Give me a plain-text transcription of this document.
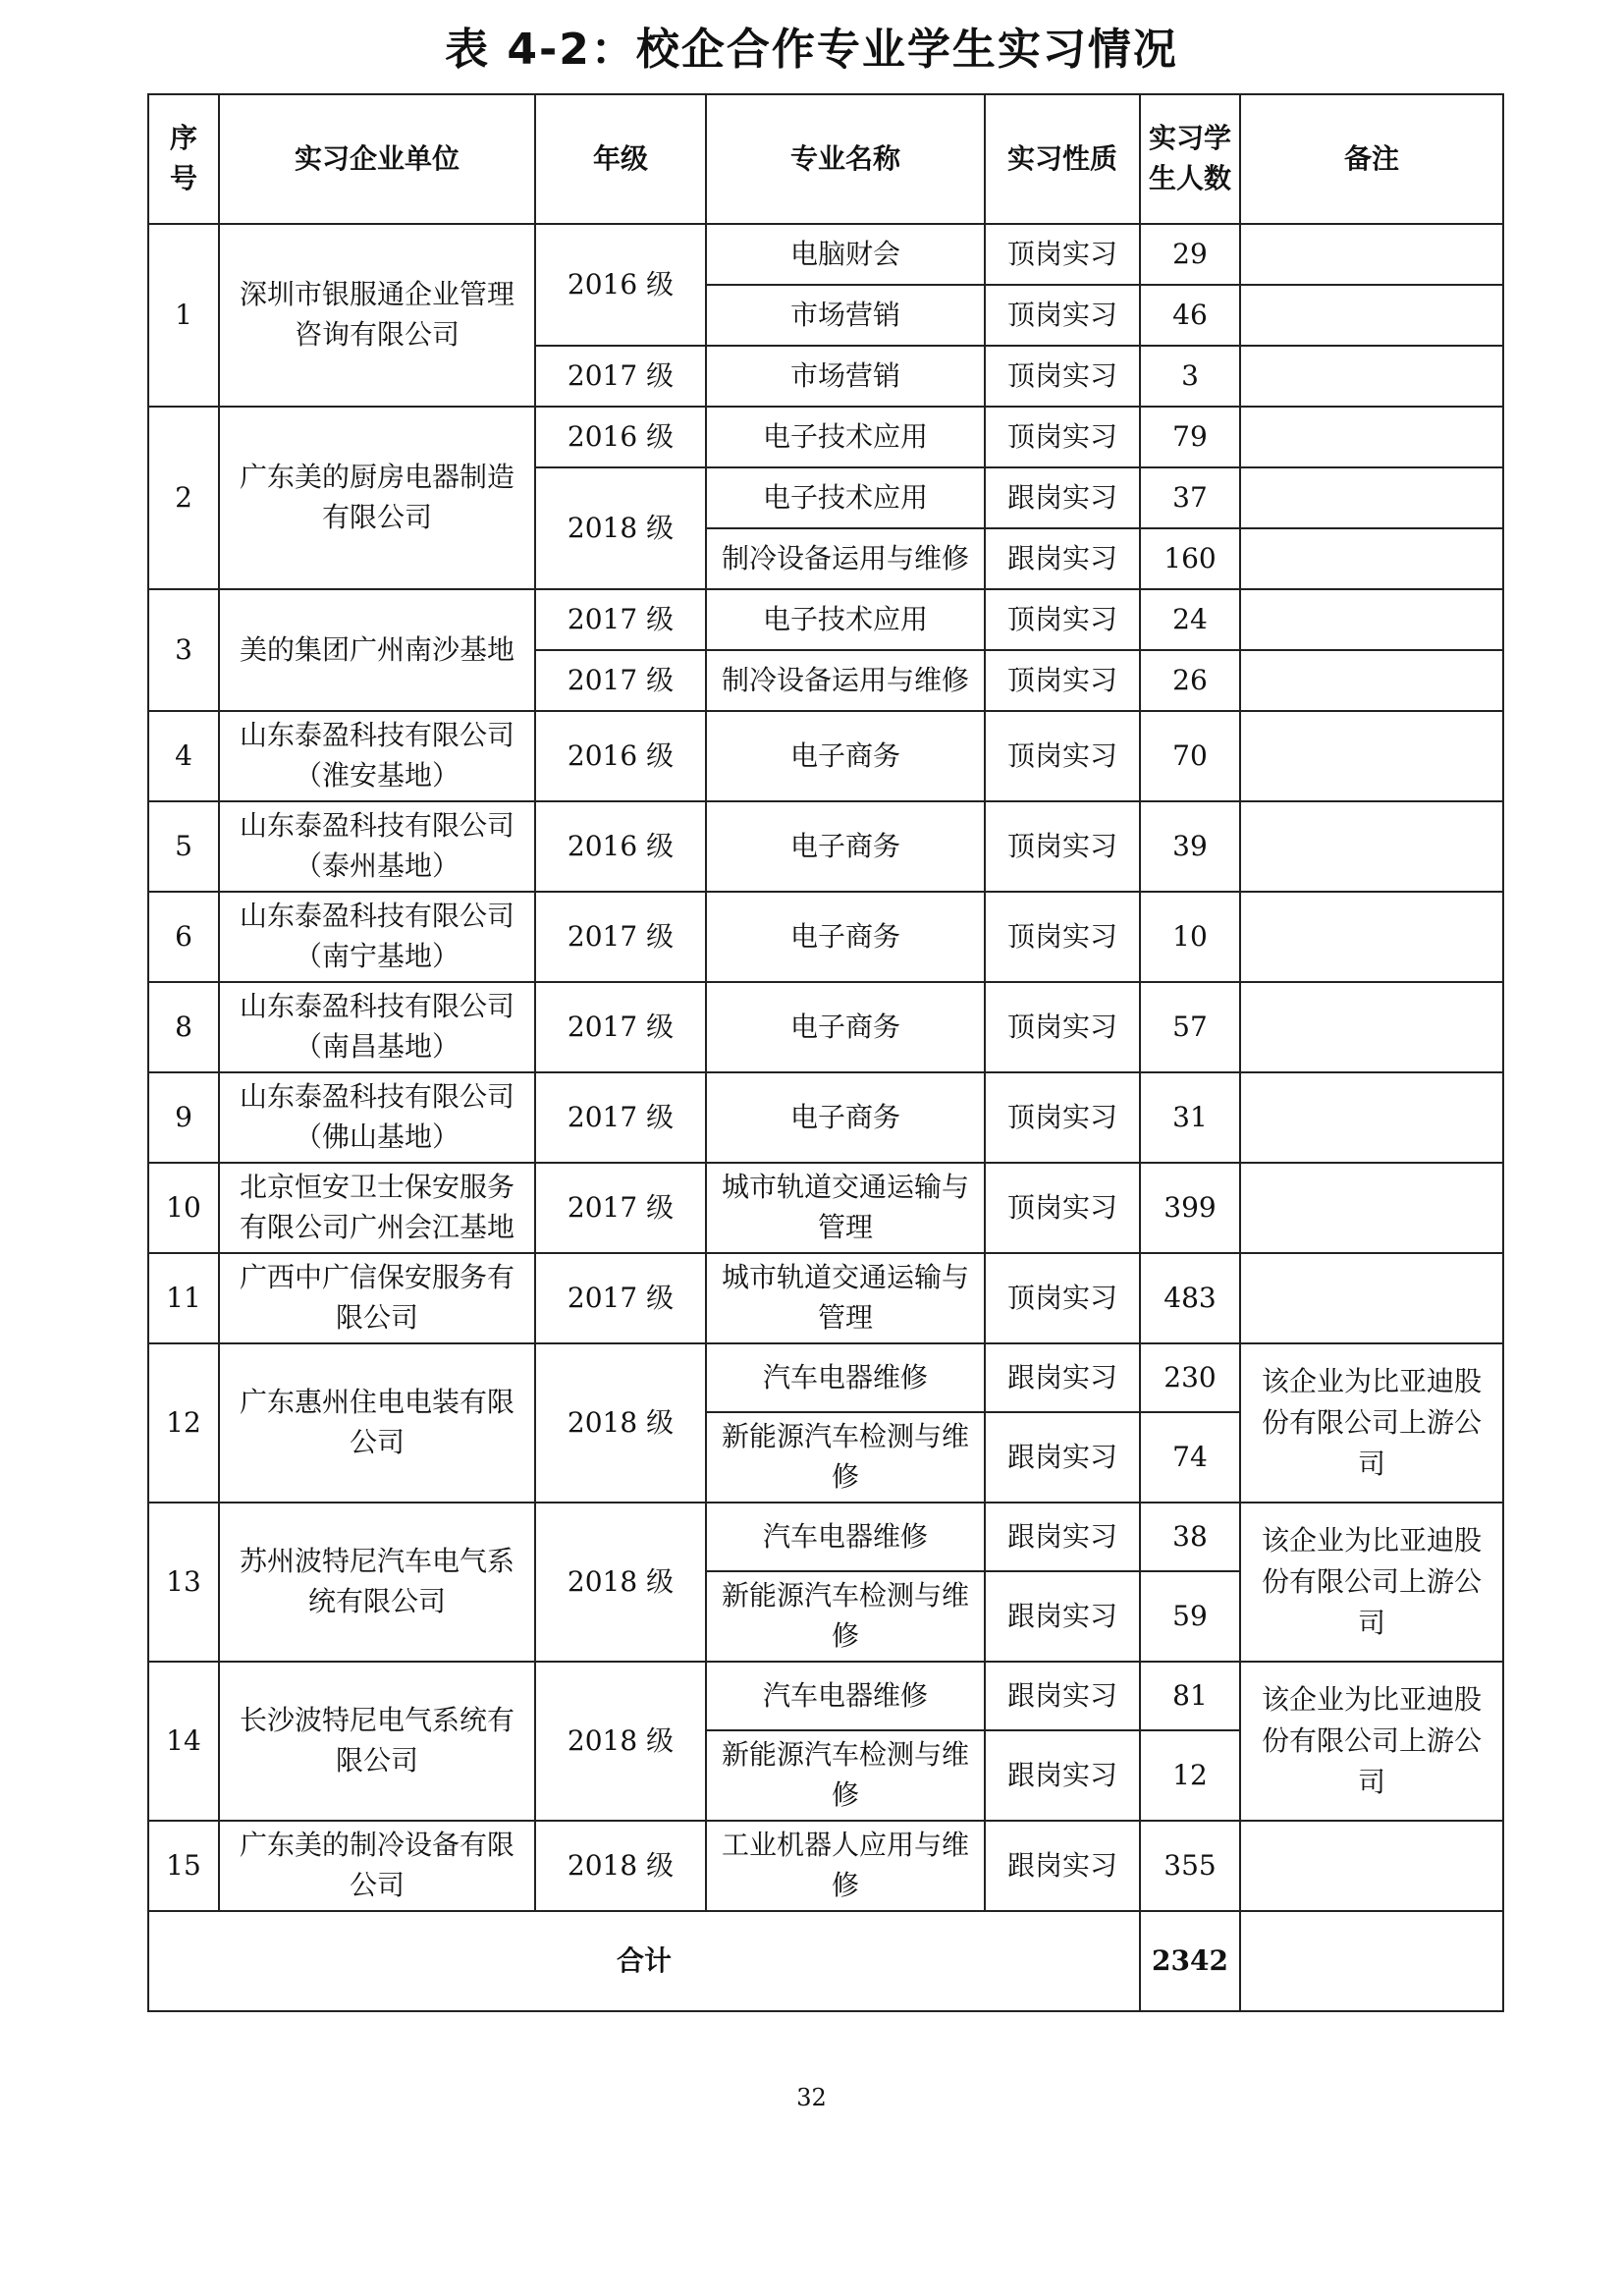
表 4-2：校企合作专业学生实习情况
序号	实习企业单位	年级	专业名称	实习性质	实习学生人数	备注
1	深圳市银服通企业管理咨询有限公司	2016 级	电脑财会	顶岗实习	29	
			市场营销	顶岗实习	46	
		2017 级	市场营销	顶岗实习	3	
2	广东美的厨房电器制造有限公司	2016 级	电子技术应用	顶岗实习	79	
		2018 级	电子技术应用	跟岗实习	37	
			制冷设备运用与维修	跟岗实习	160	
3	美的集团广州南沙基地	2017 级	电子技术应用	顶岗实习	24	
		2017 级	制冷设备运用与维修	顶岗实习	26	
4	山东泰盈科技有限公司（淮安基地）	2016 级	电子商务	顶岗实习	70	
5	山东泰盈科技有限公司（泰州基地）	2016 级	电子商务	顶岗实习	39	
6	山东泰盈科技有限公司（南宁基地）	2017 级	电子商务	顶岗实习	10	
8	山东泰盈科技有限公司（南昌基地）	2017 级	电子商务	顶岗实习	57	
9	山东泰盈科技有限公司（佛山基地）	2017 级	电子商务	顶岗实习	31	
10	北京恒安卫士保安服务有限公司广州会江基地	2017 级	城市轨道交通运输与管理	顶岗实习	399	
11	广西中广信保安服务有限公司	2017 级	城市轨道交通运输与管理	顶岗实习	483	
12	广东惠州住电电装有限公司	2018 级	汽车电器维修	跟岗实习	230	该企业为比亚迪股份有限公司上游公司
			新能源汽车检测与维修	跟岗实习	74	
13	苏州波特尼汽车电气系统有限公司	2018 级	汽车电器维修	跟岗实习	38	该企业为比亚迪股份有限公司上游公司
			新能源汽车检测与维修	跟岗实习	59	
14	长沙波特尼电气系统有限公司	2018 级	汽车电器维修	跟岗实习	81	该企业为比亚迪股份有限公司上游公司
			新能源汽车检测与维修	跟岗实习	12	
15	广东美的制冷设备有限公司	2018 级	工业机器人应用与维修	跟岗实习	355	
合计					2342	
32
